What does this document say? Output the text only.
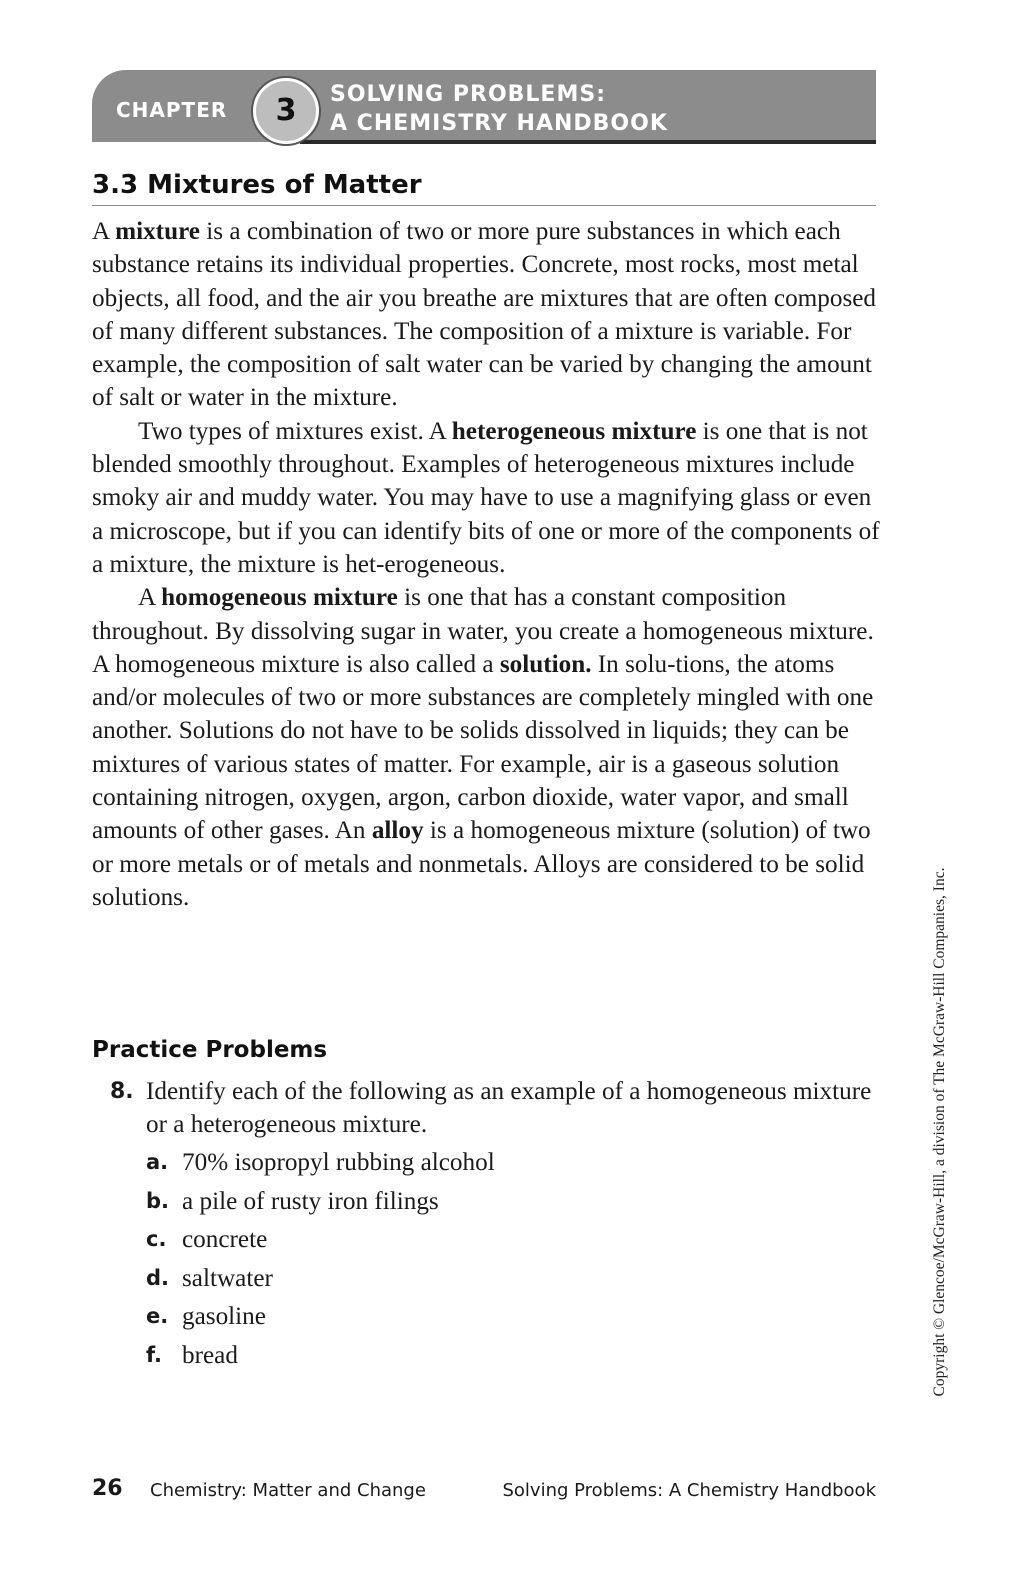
CHAPTER	3	SOLVING PROBLEMS:
A CHEMISTRY HANDBOOK
3.3 Mixtures of Matter

A mixture is a combination of two or more pure substances in which each substance retains its individual properties. Concrete, most rocks, most metal objects, all food, and the air you breathe are mixtures that are often composed of many different substances. The composition of a mixture is variable. For example, the composition of salt water can be varied by changing the amount of salt or water in the mixture.

Two types of mixtures exist. A heterogeneous mixture is one that is not blended smoothly throughout. Examples of heterogeneous mixtures include smoky air and muddy water. You may have to use a magnifying glass or even a microscope, but if you can identify bits of one or more of the components of a mixture, the mixture is het-erogeneous.

A homogeneous mixture is one that has a constant composition throughout. By dissolving sugar in water, you create a homogeneous mixture. A homogeneous mixture is also called a solution. In solu-tions, the atoms and/or molecules of two or more substances are completely mingled with one another. Solutions do not have to be solids dissolved in liquids; they can be mixtures of various states of matter. For example, air is a gaseous solution containing nitrogen, oxygen, argon, carbon dioxide, water vapor, and small amounts of other gases. An alloy is a homogeneous mixture (solution) of two or more metals or of metals and nonmetals. Alloys are considered to be solid solutions.

Practice Problems
8. Identify each of the following as an example of a homogeneous mixture or a heterogeneous mixture.
a. 70% isopropyl rubbing alcohol
b. a pile of rusty iron filings
c. concrete
d. saltwater
e. gasoline
f. bread	Copyright © Glencoe/McGraw-Hill, a division of The McGraw-Hill Companies, Inc.
26 Chemistry: Matter and Change	Solving Problems: A Chemistry Handbook
